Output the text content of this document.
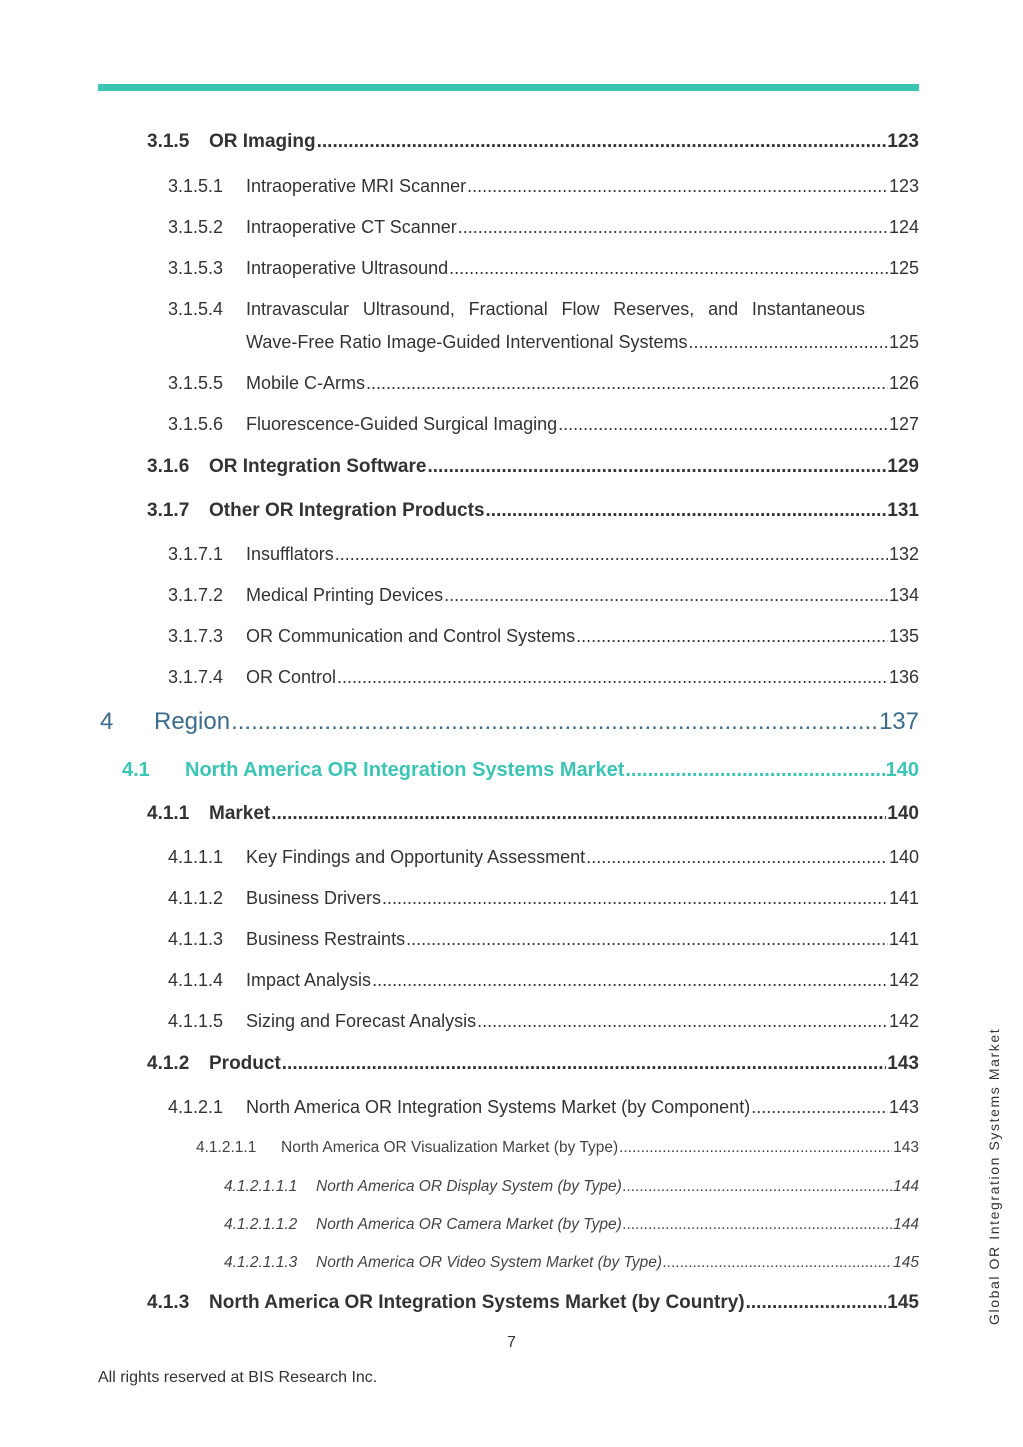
3.1.5	OR Imaging .....	123
3.1.5.1	Intraoperative MRI Scanner .....	123
3.1.5.2	Intraoperative CT Scanner .....	124
3.1.5.3	Intraoperative Ultrasound .....	125
3.1.5.4	Intravascular Ultrasound, Fractional Flow Reserves, and Instantaneous
Wave-Free Ratio Image-Guided Interventional Systems .....	125
3.1.5.5	Mobile C-Arms .....	126
3.1.5.6	Fluorescence-Guided Surgical Imaging .....	127
3.1.6	OR Integration Software .....	129
3.1.7	Other OR Integration Products .....	131
3.1.7.1	Insufflators .....	132
3.1.7.2	Medical Printing Devices .....	134
3.1.7.3	OR Communication and Control Systems .....	135
3.1.7.4	OR Control .....	136
4	Region .....	137
4.1	North America OR Integration Systems Market .....	140
4.1.1	Market .....	140
4.1.1.1	Key Findings and Opportunity Assessment .....	140
4.1.1.2	Business Drivers .....	141
4.1.1.3	Business Restraints .....	141
4.1.1.4	Impact Analysis .....	142
4.1.1.5	Sizing and Forecast Analysis .....	142
4.1.2	Product .....	143
4.1.2.1	North America OR Integration Systems Market (by Component) .....	143
4.1.2.1.1	North America OR Visualization Market (by Type) .....	143
4.1.2.1.1.1	North America OR Display System (by Type) .....	144
4.1.2.1.1.2	North America OR Camera Market (by Type) .....	144
4.1.2.1.1.3	North America OR Video System Market (by Type) .....	145
4.1.3	North America OR Integration Systems Market (by Country) .....	145
7
All rights reserved at BIS Research Inc.
Global OR Integration Systems Market
